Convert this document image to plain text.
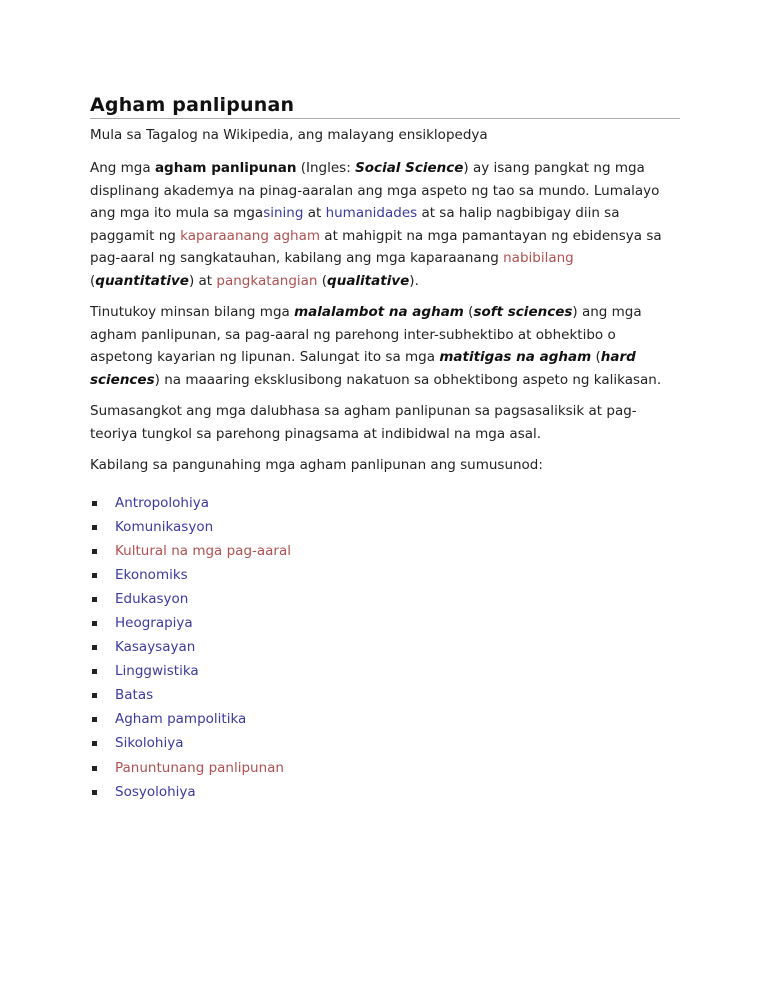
Agham panlipunan
Mula sa Tagalog na Wikipedia, ang malayang ensiklopedya

Ang mga agham panlipunan (Ingles: Social Science) ay isang pangkat ng mga displinang akademya na pinag-aaralan ang mga aspeto ng tao sa mundo. Lumalayo ang mga ito mula sa mgasining at humanidades at sa halip nagbibigay diin sa paggamit ng kaparaanang agham at mahigpit na mga pamantayan ng ebidensya sa pag-aaral ng sangkatauhan, kabilang ang mga kaparaanang nabibilang (quantitative) at pangkatangian (qualitative).

Tinutukoy minsan bilang mga malalambot na agham (soft sciences) ang mga agham panlipunan, sa pag-aaral ng parehong inter-subhektibo at obhektibo o aspetong kayarian ng lipunan. Salungat ito sa mga matitigas na agham (hard sciences) na maaaring eksklusibong nakatuon sa obhektibong aspeto ng kalikasan.

Sumasangkot ang mga dalubhasa sa agham panlipunan sa pagsasaliksik at pag-teoriya tungkol sa parehong pinagsama at indibidwal na mga asal.

Kabilang sa pangunahing mga agham panlipunan ang sumusunod:

Antropolohiya
Komunikasyon
Kultural na mga pag-aaral
Ekonomiks
Edukasyon
Heograpiya
Kasaysayan
Linggwistika
Batas
Agham pampolitika
Sikolohiya
Panuntunang panlipunan
Sosyolohiya
